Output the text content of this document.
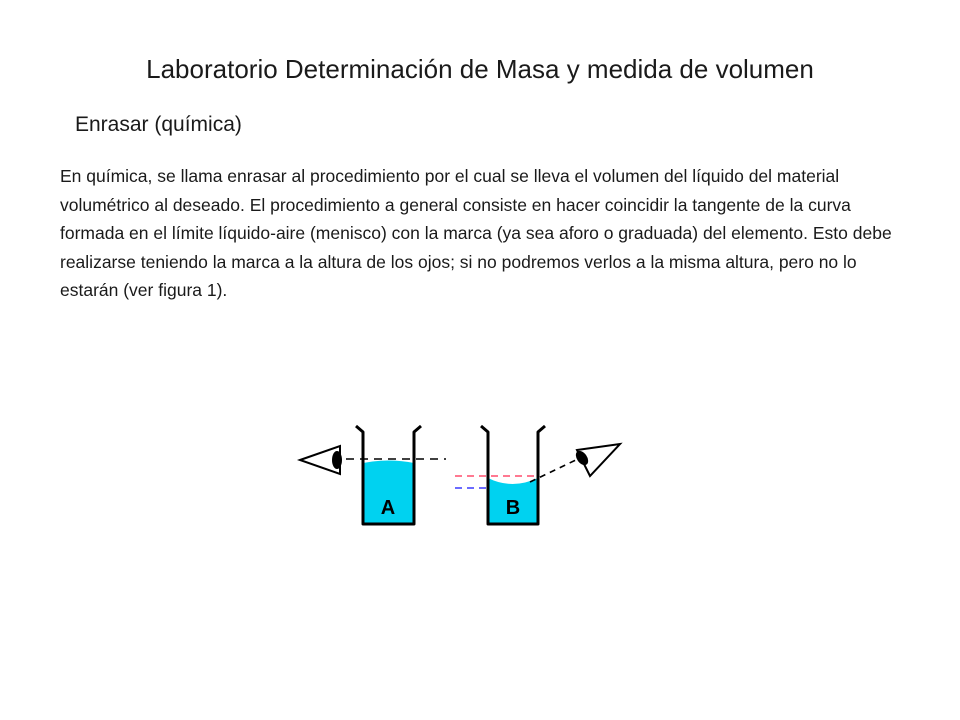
Laboratorio Determinación de Masa y medida de volumen
Enrasar (química)
En química, se llama enrasar al procedimiento por el cual se lleva el volumen del líquido del material volumétrico al deseado. El procedimiento a general consiste en hacer coincidir la tangente de la curva formada en el límite líquido-aire (menisco) con la marca (ya sea aforo o graduada) del elemento. Esto debe realizarse teniendo la marca a la altura de los ojos; si no podremos verlos a la misma altura, pero no lo estarán (ver figura 1).
A	B
